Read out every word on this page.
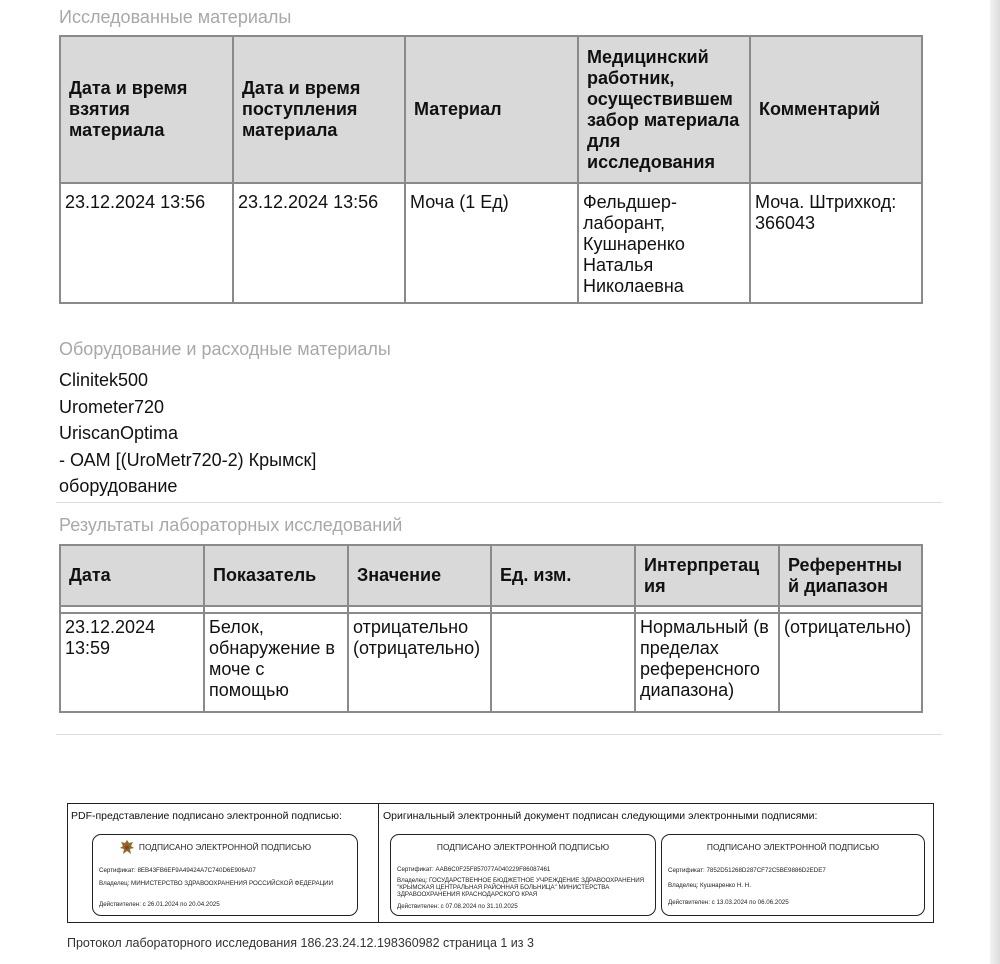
Исследованные материалы
Дата и время взятия материала	Дата и время поступления материала	Материал	Медицинский работник, осуществившем забор материала для исследования	Комментарий
23.12.2024 13:56	23.12.2024 13:56	Моча (1 Ед)	Фельдшер-лаборант, Кушнаренко Наталья Николаевна	Моча. Штрихкод: 366043
Оборудование и расходные материалы
Clinitek500
Urometer720
UriscanOptima
- ОАМ [(UroMetr720-2) Крымск]
оборудование
Результаты лабораторных исследований
Дата	Показатель	Значение	Ед. изм.	Интерпретация	Референтный диапазон

23.12.2024 13:59	Белок, обнаружение в моче с помощью	отрицательно (отрицательно)		Нормальный (в пределах референсного диапазона)	(отрицательно)
PDF-представление подписано электронной подписью:	Оригинальный электронный документ подписан следующими электронными подписями:
ПОДПИСАНО ЭЛЕКТРОННОЙ ПОДПИСЬЮ
Сертификат: 8EB43FB6EF9A49424A7C740D6E906A07
Владелец: МИНИСТЕРСТВО ЗДРАВООХРАНЕНИЯ РОССИЙСКОЙ ФЕДЕРАЦИИ
Действителен: с 26.01.2024 по 20.04.2025
ПОДПИСАНО ЭЛЕКТРОННОЙ ПОДПИСЬЮ
Сертификат: AAB6C0F25F857077A040229F86087461
Владелец: ГОСУДАРСТВЕННОЕ БЮДЖЕТНОЕ УЧРЕЖДЕНИЕ ЗДРАВООХРАНЕНИЯ "КРЫМСКАЯ ЦЕНТРАЛЬНАЯ РАЙОННАЯ БОЛЬНИЦА" МИНИСТЕРСТВА ЗДРАВООХРАНЕНИЯ КРАСНОДАРСКОГО КРАЯ
Действителен: с 07.08.2024 по 31.10.2025
ПОДПИСАНО ЭЛЕКТРОННОЙ ПОДПИСЬЮ
Сертификат: 7852D51268D287CF72C5BE9886D2EDE7
Владелец: Кушнаренко Н. Н.
Действителен: с 13.03.2024 по 06.06.2025
Протокол лабораторного исследования 186.23.24.12.198360982 страница 1 из 3
